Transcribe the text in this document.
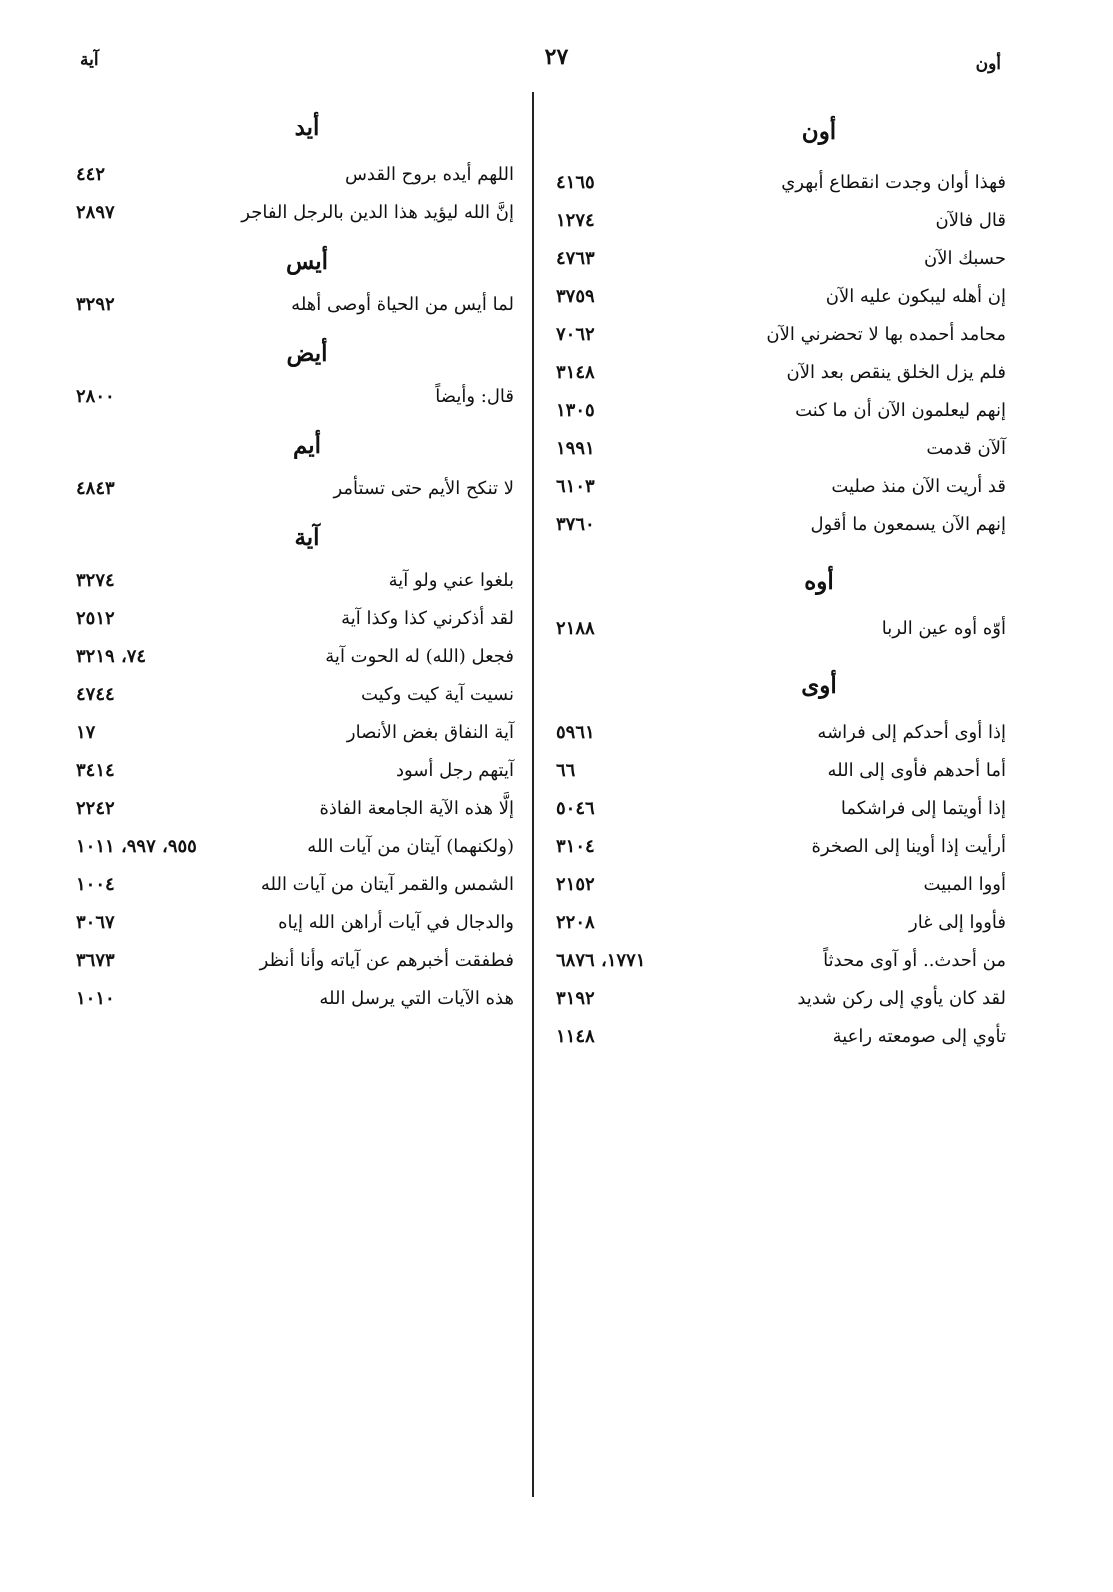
أون
٢٧
آية
أون
فهذا أوان وجدت انقطاع أبهري
٤١٦٥
قال فالآن
١٢٧٤
حسبك الآن
٤٧٦٣
إن أهله ليبكون عليه الآن
٣٧٥٩
محامد أحمده بها لا تحضرني الآن
٧٠٦٢
فلم يزل الخلق ينقص بعد الآن
٣١٤٨
إنهم ليعلمون الآن أن ما كنت
١٣٠٥
آلآن قدمت
١٩٩١
قد أريت الآن منذ صليت
٦١٠٣
إنهم الآن يسمعون ما أقول
٣٧٦٠
أوه
أوّه أوه عين الربا
٢١٨٨
أوى
إذا أوى أحدكم إلى فراشه
٥٩٦١
أما أحدهم فأوى إلى الله
٦٦
إذا أويتما إلى فراشكما
٥٠٤٦
أرأيت إذا أوينا إلى الصخرة
٣١٠٤
أووا المبيت
٢١٥٢
فأووا إلى غار
٢٢٠٨
من أحدث.. أو آوى محدثاً
١٧٧١، ٦٨٧٦
لقد كان يأوي إلى ركن شديد
٣١٩٢
تأوي إلى صومعته راعية
١١٤٨
أيد
اللهم أيده بروح القدس
٤٤٢
إنَّ الله ليؤيد هذا الدين بالرجل الفاجر
٢٨٩٧
أيس
لما أيس من الحياة أوصى أهله
٣٢٩٢
أيض
قال: وأيضاً
٢٨٠٠
أيم
لا تنكح الأيم حتى تستأمر
٤٨٤٣
آية
بلغوا عني ولو آية
٣٢٧٤
لقد أذكرني كذا وكذا آية
٢٥١٢
فجعل (الله) له الحوت آية
٧٤، ٣٢١٩
نسيت آية كيت وكيت
٤٧٤٤
آية النفاق بغض الأنصار
١٧
آيتهم رجل أسود
٣٤١٤
إلَّا هذه الآية الجامعة الفاذة
٢٢٤٢
(ولكنهما) آيتان من آيات الله
٩٥٥، ٩٩٧، ١٠١١
الشمس والقمر آيتان من آيات الله
١٠٠٤
والدجال في آيات أراهن الله إياه
٣٠٦٧
فطفقت أخبرهم عن آياته وأنا أنظر
٣٦٧٣
هذه الآيات التي يرسل الله
١٠١٠
